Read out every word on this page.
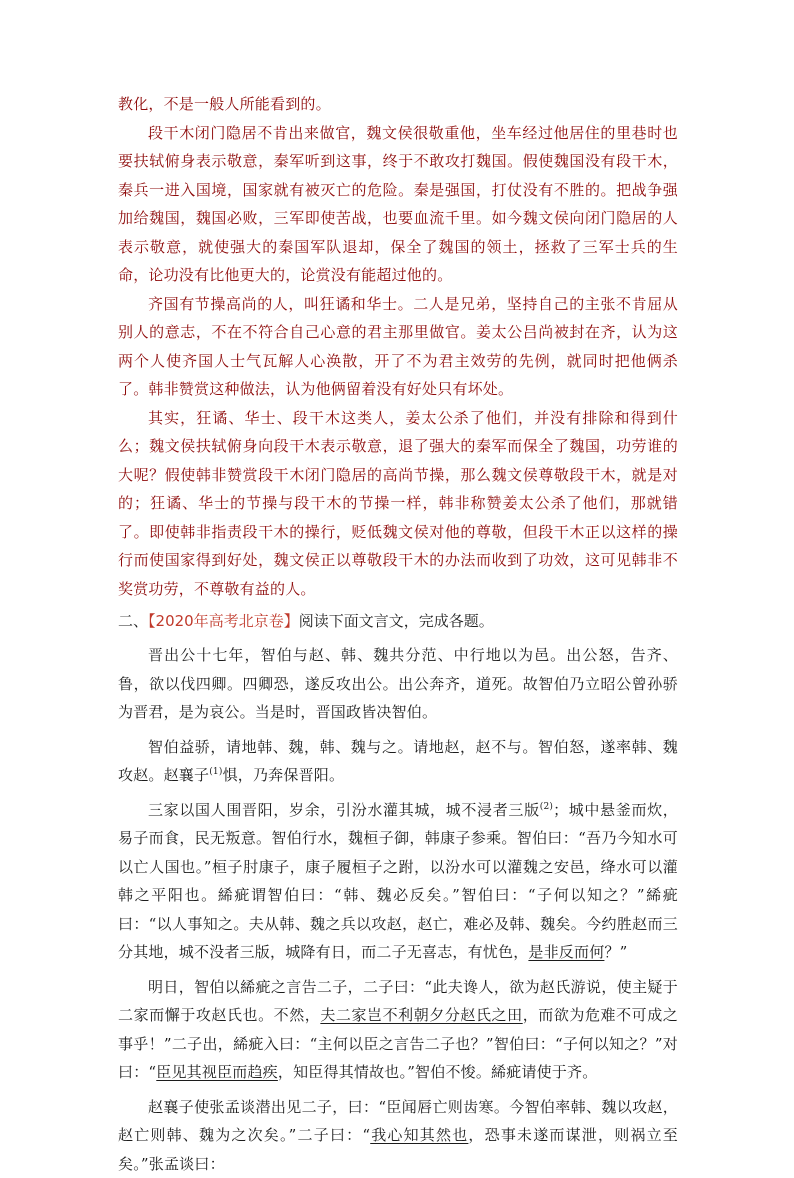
教化，不是一般人所能看到的。

段干木闭门隐居不肯出来做官，魏文侯很敬重他，坐车经过他居住的里巷时也要扶轼俯身表示敬意，秦军听到这事，终于不敢攻打魏国。假使魏国没有段干木，秦兵一进入国境，国家就有被灭亡的危险。秦是强国，打仗没有不胜的。把战争强加给魏国，魏国必败，三军即使苦战，也要血流千里。如今魏文侯向闭门隐居的人表示敬意，就使强大的秦国军队退却，保全了魏国的领土，拯救了三军士兵的生命，论功没有比他更大的，论赏没有能超过他的。

齐国有节操高尚的人，叫狂谲和华士。二人是兄弟，坚持自己的主张不肯屈从别人的意志，不在不符合自己心意的君主那里做官。姜太公吕尚被封在齐，认为这两个人使齐国人士气瓦解人心涣散，开了不为君主效劳的先例，就同时把他俩杀了。韩非赞赏这种做法，认为他俩留着没有好处只有坏处。

其实，狂谲、华士、段干木这类人，姜太公杀了他们，并没有排除和得到什么；魏文侯扶轼俯身向段干木表示敬意，退了强大的秦军而保全了魏国，功劳谁的大呢？假使韩非赞赏段干木闭门隐居的高尚节操，那么魏文侯尊敬段干木，就是对的；狂谲、华士的节操与段干木的节操一样，韩非称赞姜太公杀了他们，那就错了。即使韩非指责段干木的操行，贬低魏文侯对他的尊敬，但段干木正以这样的操行而使国家得到好处，魏文侯正以尊敬段干木的办法而收到了功效，这可见韩非不奖赏功劳，不尊敬有益的人。

二、【2020年高考北京卷】阅读下面文言文，完成各题。

晋出公十七年，智伯与赵、韩、魏共分范、中行地以为邑。出公怒，告齐、鲁，欲以伐四卿。四卿恐，遂反攻出公。出公奔齐，道死。故智伯乃立昭公曾孙骄为晋君，是为哀公。当是时，晋国政皆决智伯。

智伯益骄，请地韩、魏，韩、魏与之。请地赵，赵不与。智伯怒，遂率韩、魏攻赵。赵襄子$^{(1)}$惧，乃奔保晋阳。

三家以国人围晋阳，岁余，引汾水灌其城，城不浸者三版$^{(2)}$；城中悬釜而炊，易子而食，民无叛意。智伯行水，魏桓子御，韩康子参乘。智伯曰：“吾乃今知水可以亡人国也。”桓子肘康子，康子履桓子之跗，以汾水可以灌魏之安邑，绛水可以灌韩之平阳也。絺疵谓智伯曰：“韩、魏必反矣。”智伯曰：“子何以知之？”絺疵曰：“以人事知之。夫从韩、魏之兵以攻赵，赵亡，难必及韩、魏矣。今约胜赵而三分其地，城不没者三版，城降有日，而二子无喜志，有忧色，是非反而何？”

明日，智伯以絺疵之言告二子，二子曰：“此夫谗人，欲为赵氏游说，使主疑于二家而懈于攻赵氏也。不然，夫二家岂不利朝夕分赵氏之田，而欲为危难不可成之事乎！”二子出，絺疵入曰：“主何以臣之言告二子也？”智伯曰：“子何以知之？”对曰：“臣见其视臣而趋疾，知臣得其情故也。”智伯不悛。絺疵请使于齐。

赵襄子使张孟谈潜出见二子，曰：“臣闻唇亡则齿寒。今智伯率韩、魏以攻赵，赵亡则韩、魏为之次矣。”二子曰：“我心知其然也，恐事未遂而谋泄，则祸立至矣。”张孟谈曰：
